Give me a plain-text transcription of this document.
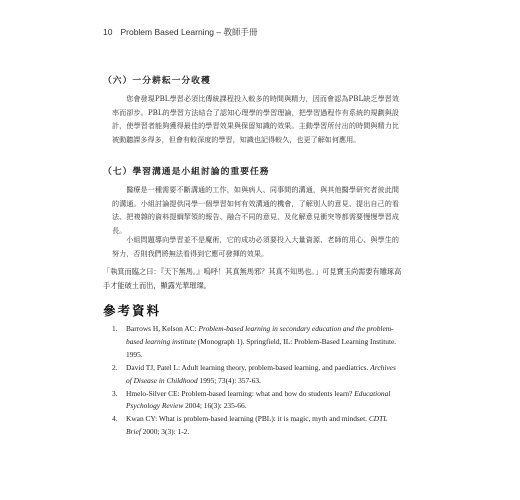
10 Problem Based Learning – 教師手冊
（六）一分耕耘一分收穫
您會發現PBL學習必須比傳統課程投入較多的時間與精力，因而會認為PBL缺乏學習效率而卻步。PBL的學習方法結合了認知心理學的學習理論，把學習過程作有系統的規劃與設計，使學習者能夠獲得最佳的學習效果與保留知識的效果。主動學習所付出的時間與精力比被動聽課多得多，但會有較深度的學習，知識也記得較久，也更了解如何應用。
（七）學習溝通是小組討論的重要任務
醫療是一種需要不斷溝通的工作，如與病人、同事間的溝通，與其他醫學研究者彼此間的溝通。小組討論提供同學一個學習如何有效溝通的機會，了解別人的意見、提出自己的看法、把複雜的資料提綱挈領的報告、融合不同的意見、及化解意見衝突等都需要慢慢學習成長。
小組問題導向學習並不是魔術，它的成功必須要投入大量資源、老師的用心、與學生的努力，否則我們將無法看得到它應可發揮的效果。
「執箕而臨之曰：『天下無馬。』嗚呼！其真無馬邪？其真不知馬也。」可見寶玉尚需要有雕琢高手才能破土而出，顯露光華璀璨。
參考資料
1. Barrows H, Kelson AC: Problem-based learning in secondary education and the problem-based learning institute (Monograph 1). Springfield, IL: Problem-Based Learning Institute. 1995.
2. David TJ, Patel L: Adult learning theory, problem-based learning, and paediatrics. Archives of Disease in Childhood 1995; 73(4): 357-63.
3. Hmelo-Silver CE: Problem-based learning: what and how do students learn? Educational Psychology Review 2004; 16(3): 235-66.
4. Kwan CY: What is problem-based learning (PBL): it is magic, myth and mindset. CDTL Brief 2000; 3(3): 1-2.
